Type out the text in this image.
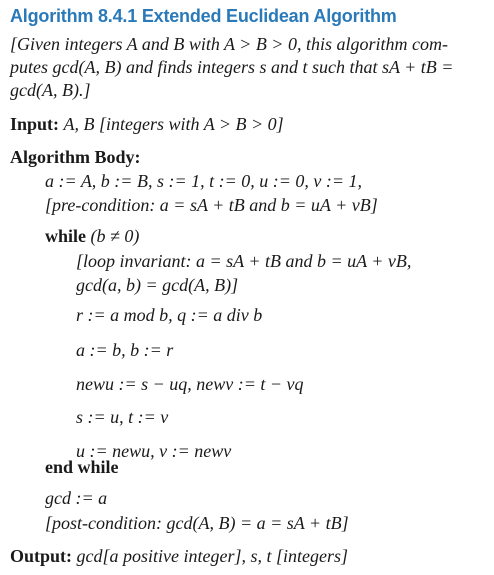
Algorithm 8.4.1 Extended Euclidean Algorithm
[Given integers A and B with A > B > 0, this algorithm com-
putes gcd(A, B) and finds integers s and t such that sA + tB =
gcd(A, B).]
Input: A, B [integers with A > B > 0]
Algorithm Body:
a := A, b := B, s := 1, t := 0, u := 0, v := 1,
[pre-condition: a = sA + tB and b = uA + vB]
while (b ≠ 0)
[loop invariant: a = sA + tB and b = uA + vB,
gcd(a, b) = gcd(A, B)]
r := a mod b, q := a div b
a := b, b := r
newu := s − uq, newv := t − vq
s := u, t := v
u := newu, v := newv
end while
gcd := a
[post-condition: gcd(A, B) = a = sA + tB]
Output: gcd[a positive integer], s, t [integers]
